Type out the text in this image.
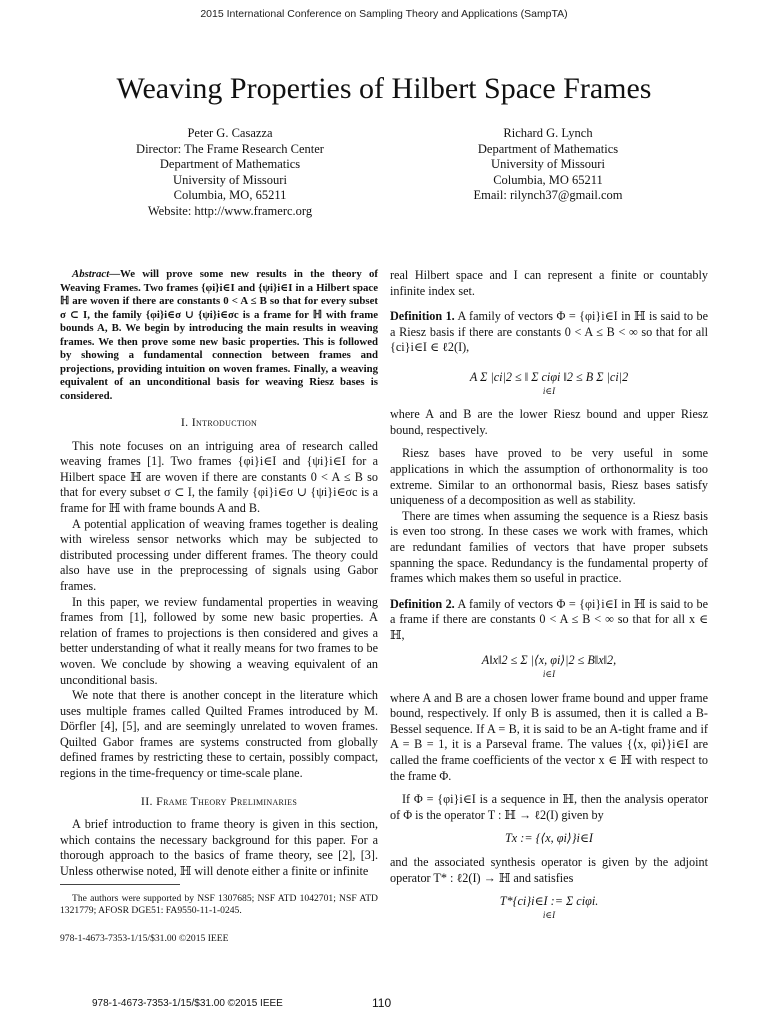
2015 International Conference on Sampling Theory and Applications (SampTA)
Weaving Properties of Hilbert Space Frames
Peter G. Casazza
Director: The Frame Research Center
Department of Mathematics
University of Missouri
Columbia, MO, 65211
Website: http://www.framerc.org
Richard G. Lynch
Department of Mathematics
University of Missouri
Columbia, MO 65211
Email: rilynch37@gmail.com

Abstract—We will prove some new results in the theory of Weaving Frames. Two frames {φi}i∈I and {ψi}i∈I in a Hilbert space ℍ are woven if there are constants 0 < A ≤ B so that for every subset σ ⊂ I, the family {φi}i∈σ ∪ {ψi}i∈σc is a frame for ℍ with frame bounds A, B. We begin by introducing the main results in weaving frames. We then prove some new basic properties. This is followed by showing a fundamental connection between frames and projections, providing intuition on woven frames. Finally, a weaving equivalent of an unconditional basis for weaving Riesz bases is considered.

I. Introduction

This note focuses on an intriguing area of research called weaving frames [1]. Two frames {φi}i∈I and {ψi}i∈I for a Hilbert space ℍ are woven if there are constants 0 < A ≤ B so that for every subset σ ⊂ I, the family {φi}i∈σ ∪ {ψi}i∈σc is a frame for ℍ with frame bounds A and B.

A potential application of weaving frames together is dealing with wireless sensor networks which may be subjected to distributed processing under different frames. The theory could also have use in the preprocessing of signals using Gabor frames.

In this paper, we review fundamental properties in weaving frames from [1], followed by some new basic properties. A relation of frames to projections is then considered and gives a better understanding of what it really means for two frames to be woven. We conclude by showing a weaving equivalent of an unconditional basis.

We note that there is another concept in the literature which uses multiple frames called Quilted Frames introduced by M. Dörfler [4], [5], and are seemingly unrelated to woven frames. Quilted Gabor frames are systems constructed from globally defined frames by restricting these to certain, possibly compact, regions in the time-frequency or time-scale plane.

II. Frame Theory Preliminaries

A brief introduction to frame theory is given in this section, which contains the necessary background for this paper. For a thorough approach to the basics of frame theory, see [2], [3]. Unless otherwise noted, ℍ will denote either a finite or infinite

The authors were supported by NSF 1307685; NSF ATD 1042701; NSF ATD 1321779; AFOSR DGE51: FA9550-11-1-0245.
978-1-4673-7353-1/15/$31.00 ©2015 IEEE

real Hilbert space and I can represent a finite or countably infinite index set.

Definition 1. A family of vectors Φ = {φi}i∈I in ℍ is said to be a Riesz basis if there are constants 0 < A ≤ B < ∞ so that for all {ci}i∈I ∈ ℓ2(I),

A Σ |ci|2 ≤ ‖ Σ ciφi ‖2 ≤ B Σ |ci|2
i∈I

where A and B are the lower Riesz bound and upper Riesz bound, respectively.

Riesz bases have proved to be very useful in some applications in which the assumption of orthonormality is too extreme. Similar to an orthonormal basis, Riesz bases satisfy uniqueness of a decomposition as well as stability.

There are times when assuming the sequence is a Riesz basis is even too strong. In these cases we work with frames, which are redundant families of vectors that have proper subsets spanning the space. Redundancy is the fundamental property of frames which makes them so useful in practice.

Definition 2. A family of vectors Φ = {φi}i∈I in ℍ is said to be a frame if there are constants 0 < A ≤ B < ∞ so that for all x ∈ ℍ,

A‖x‖2 ≤ Σ |⟨x, φi⟩|2 ≤ B‖x‖2,
i∈I

where A and B are a chosen lower frame bound and upper frame bound, respectively. If only B is assumed, then it is called a B-Bessel sequence. If A = B, it is said to be an A-tight frame and if A = B = 1, it is a Parseval frame. The values {⟨x, φi⟩}i∈I are called the frame coefficients of the vector x ∈ ℍ with respect to the frame Φ.

If Φ = {φi}i∈I is a sequence in ℍ, then the analysis operator of Φ is the operator T : ℍ → ℓ2(I) given by

Tx := {⟨x, φi⟩}i∈I

and the associated synthesis operator is given by the adjoint operator T* : ℓ2(I) → ℍ and satisfies

T*{ci}i∈I := Σ ciφi.
i∈I
978-1-4673-7353-1/15/$31.00 ©2015 IEEE	110
